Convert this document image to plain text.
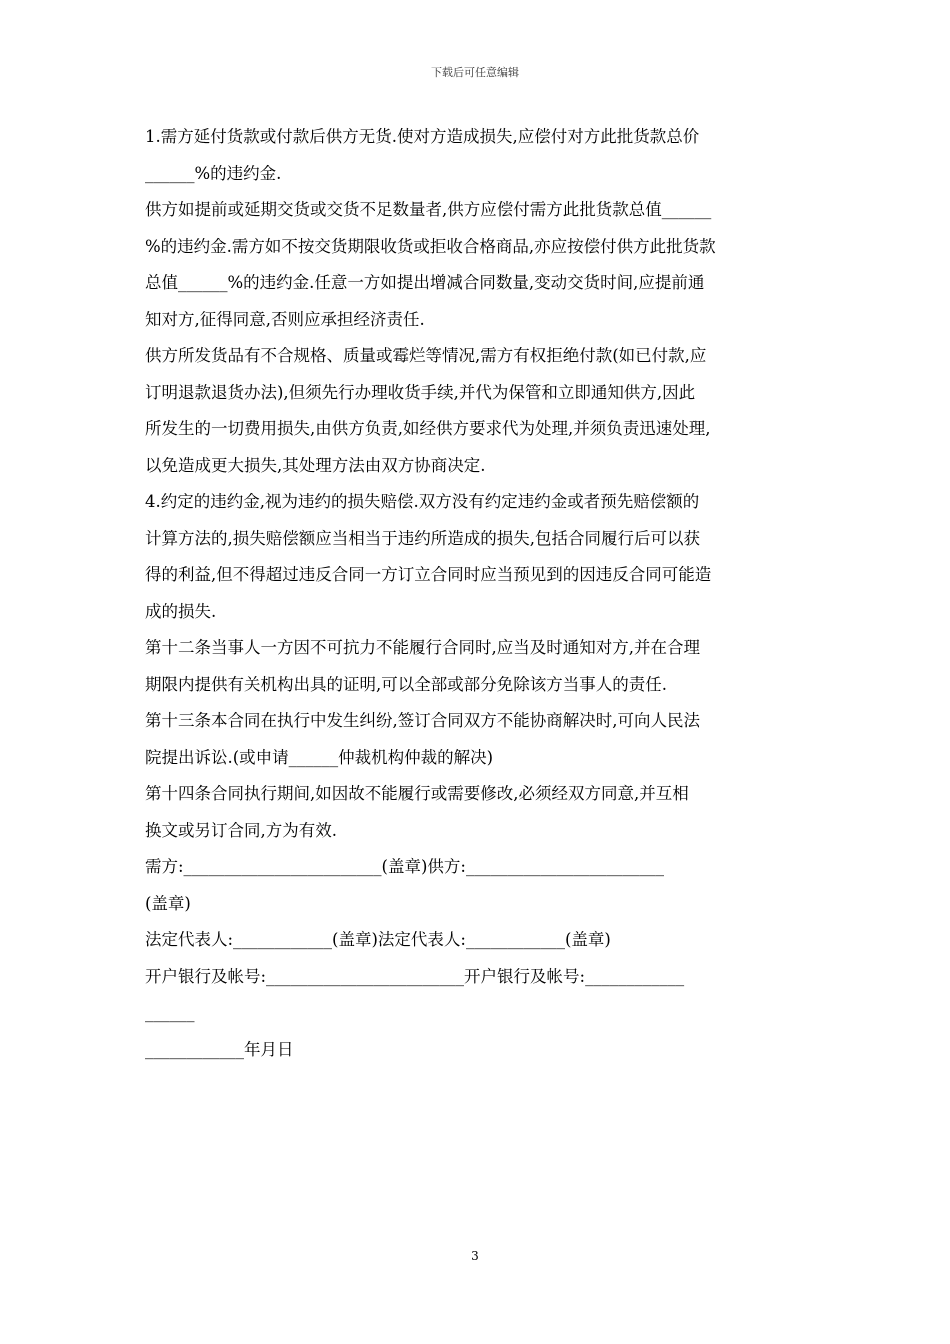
下载后可任意编辑
1.需方延付货款或付款后供方无货.使对方造成损失,应偿付对方此批货款总价
______%的违约金.
供方如提前或延期交货或交货不足数量者,供方应偿付需方此批货款总值______
%的违约金.需方如不按交货期限收货或拒收合格商品,亦应按偿付供方此批货款
总值______%的违约金.任意一方如提出增减合同数量,变动交货时间,应提前通
知对方,征得同意,否则应承担经济责任.
供方所发货品有不合规格、质量或霉烂等情况,需方有权拒绝付款(如已付款,应
订明退款退货办法),但须先行办理收货手续,并代为保管和立即通知供方,因此
所发生的一切费用损失,由供方负责,如经供方要求代为处理,并须负责迅速处理,
以免造成更大损失,其处理方法由双方协商决定.
4.约定的违约金,视为违约的损失赔偿.双方没有约定违约金或者预先赔偿额的
计算方法的,损失赔偿额应当相当于违约所造成的损失,包括合同履行后可以获
得的利益,但不得超过违反合同一方订立合同时应当预见到的因违反合同可能造
成的损失.
第十二条当事人一方因不可抗力不能履行合同时,应当及时通知对方,并在合理
期限内提供有关机构出具的证明,可以全部或部分免除该方当事人的责任.
第十三条本合同在执行中发生纠纷,签订合同双方不能协商解决时,可向人民法
院提出诉讼.(或申请______仲裁机构仲裁的解决)
第十四条合同执行期间,如因故不能履行或需要修改,必须经双方同意,并互相
换文或另订合同,方为有效.
需方:________________________(盖章)供方:________________________
(盖章)
法定代表人:____________(盖章)法定代表人:____________(盖章)
开户银行及帐号:________________________开户银行及帐号:____________
______
____________年月日
3
